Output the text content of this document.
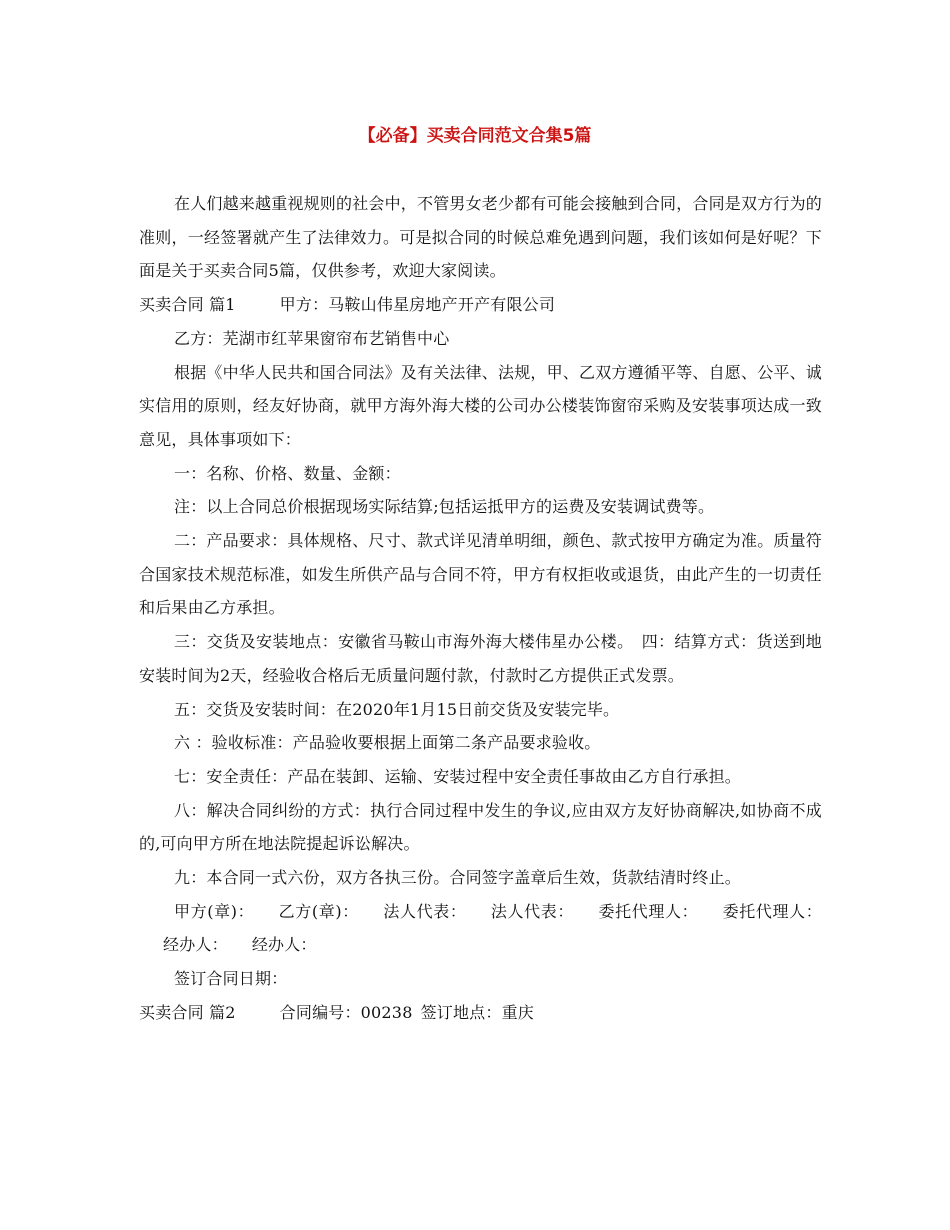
【必备】买卖合同范文合集5篇

在人们越来越重视规则的社会中，不管男女老少都有可能会接触到合同，合同是双方行为的准则，一经签署就产生了法律效力。可是拟合同的时候总难免遇到问题，我们该如何是好呢？下面是关于买卖合同5篇，仅供参考，欢迎大家阅读。

买卖合同 篇1	甲方：马鞍山伟星房地产开产有限公司

乙方：芜湖市红苹果窗帘布艺销售中心

根据《中华人民共和国合同法》及有关法律、法规，甲、乙双方遵循平等、自愿、公平、诚实信用的原则，经友好协商，就甲方海外海大楼的公司办公楼装饰窗帘采购及安装事项达成一致意见，具体事项如下：

一：名称、价格、数量、金额：

注：以上合同总价根据现场实际结算;包括运抵甲方的运费及安装调试费等。

二：产品要求：具体规格、尺寸、款式详见清单明细，颜色、款式按甲方确定为准。质量符合国家技术规范标准，如发生所供产品与合同不符，甲方有权拒收或退货，由此产生的一切责任和后果由乙方承担。

三：交货及安装地点：安徽省马鞍山市海外海大楼伟星办公楼。 四：结算方式：货送到地安装时间为2天，经验收合格后无质量问题付款，付款时乙方提供正式发票。

五：交货及安装时间：在2020年1月15日前交货及安装完毕。

六 ：验收标准：产品验收要根据上面第二条产品要求验收。

七：安全责任：产品在装卸、运输、安装过程中安全责任事故由乙方自行承担。

八：解决合同纠纷的方式：执行合同过程中发生的争议,应由双方友好协商解决,如协商不成的,可向甲方所在地法院提起诉讼解决。

九：本合同一式六份，双方各执三份。合同签字盖章后生效，货款结清时终止。

甲方(章)： 乙方(章)： 法人代表： 法人代表： 委托代理人： 委托代理人：经办人： 经办人：

签订合同日期：

买卖合同 篇2	合同编号：00238 签订地点：重庆
